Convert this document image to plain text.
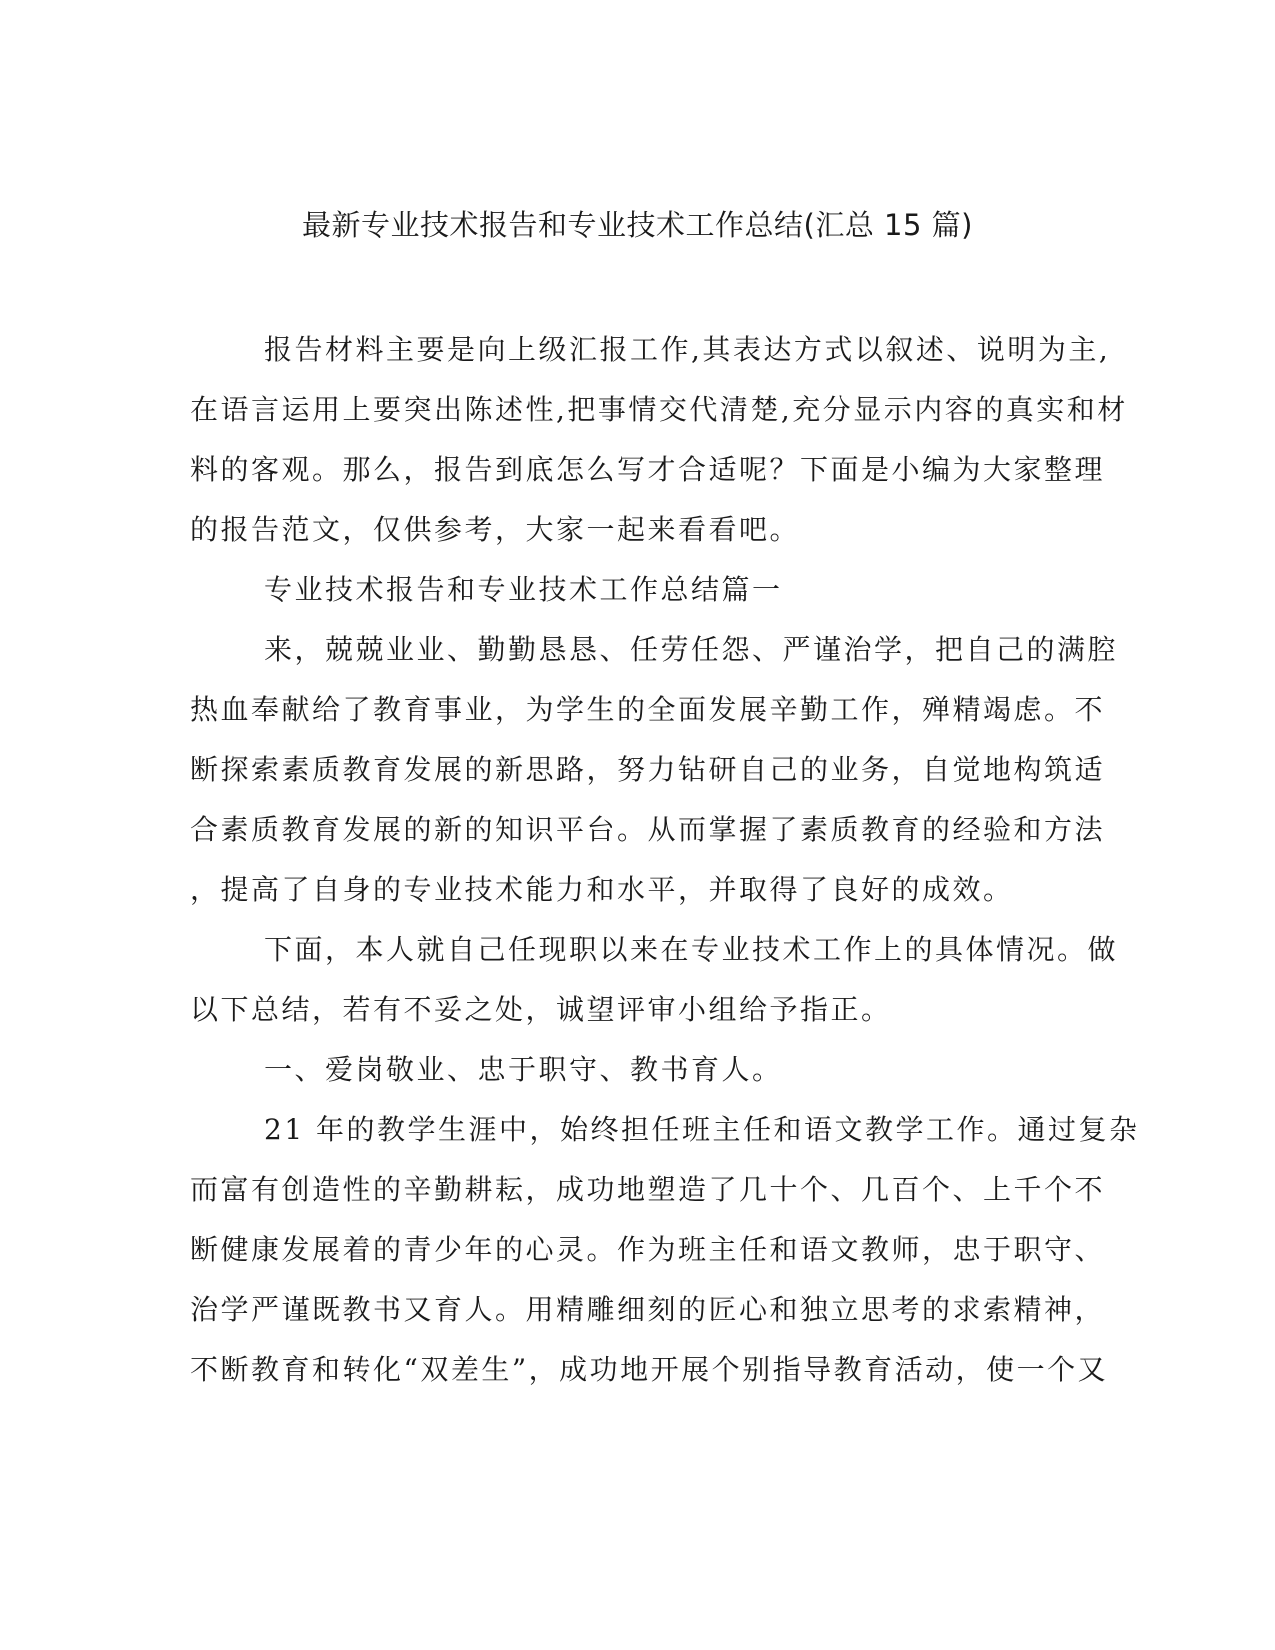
最新专业技术报告和专业技术工作总结(汇总 15 篇)
报告材料主要是向上级汇报工作,其表达方式以叙述、说明为主,
在语言运用上要突出陈述性,把事情交代清楚,充分显示内容的真实和材
料的客观。那么，报告到底怎么写才合适呢？下面是小编为大家整理
的报告范文，仅供参考，大家一起来看看吧。
专业技术报告和专业技术工作总结篇一
来，兢兢业业、勤勤恳恳、任劳任怨、严谨治学，把自己的满腔
热血奉献给了教育事业，为学生的全面发展辛勤工作，殚精竭虑。不
断探索素质教育发展的新思路，努力钻研自己的业务，自觉地构筑适
合素质教育发展的新的知识平台。从而掌握了素质教育的经验和方法
，提高了自身的专业技术能力和水平，并取得了良好的成效。
下面，本人就自己任现职以来在专业技术工作上的具体情况。做
以下总结，若有不妥之处，诚望评审小组给予指正。
一、爱岗敬业、忠于职守、教书育人。
21 年的教学生涯中，始终担任班主任和语文教学工作。通过复杂
而富有创造性的辛勤耕耘，成功地塑造了几十个、几百个、上千个不
断健康发展着的青少年的心灵。作为班主任和语文教师，忠于职守、
治学严谨既教书又育人。用精雕细刻的匠心和独立思考的求索精神，
不断教育和转化“双差生”，成功地开展个别指导教育活动，使一个又
